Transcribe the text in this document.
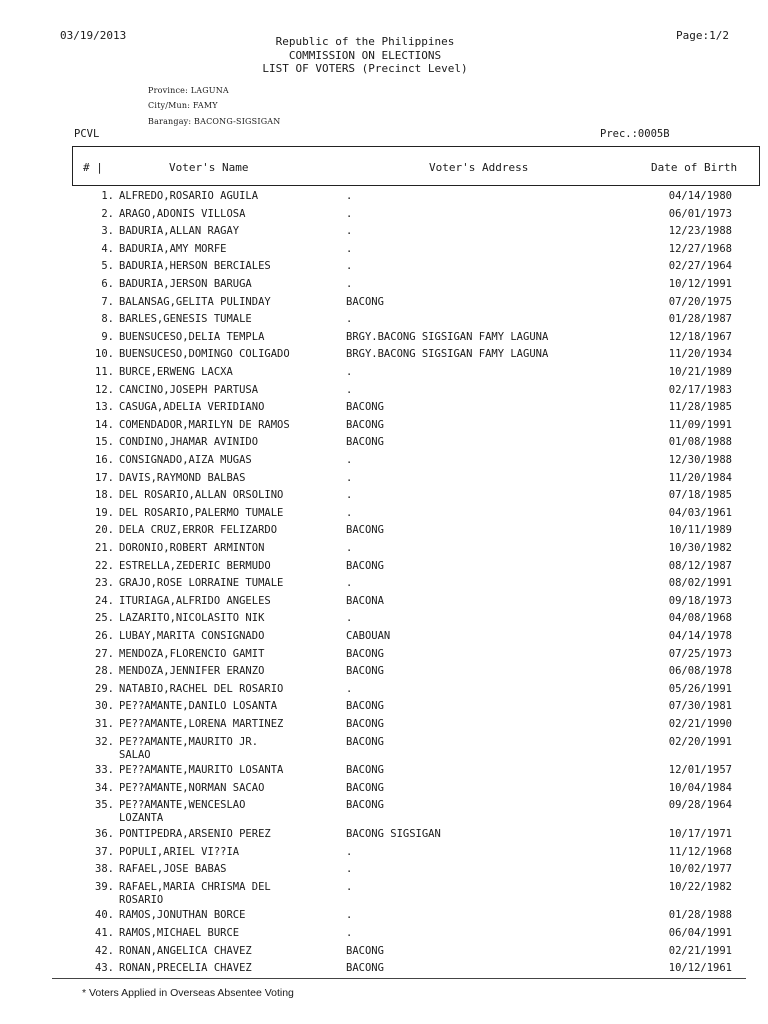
03/19/2013	Page:1/2
Republic of the Philippines
COMMISSION ON ELECTIONS
LIST OF VOTERS (Precinct Level)
Province: LAGUNA
City/Mun: FAMY
Barangay: BACONG-SIGSIGAN
PCVL	Prec.:0005B
# |	Voter's Name	Voter's Address	Date of Birth
1. ALFREDO,ROSARIO AGUILA	.	04/14/1980
2. ARAGO,ADONIS VILLOSA	.	06/01/1973
3. BADURIA,ALLAN RAGAY	.	12/23/1988
4. BADURIA,AMY MORFE	.	12/27/1968
5. BADURIA,HERSON BERCIALES	.	02/27/1964
6. BADURIA,JERSON BARUGA	.	10/12/1991
7. BALANSAG,GELITA PULINDAY	BACONG	07/20/1975
8. BARLES,GENESIS TUMALE	.	01/28/1987
9. BUENSUCESO,DELIA TEMPLA	BRGY.BACONG SIGSIGAN FAMY LAGUNA	12/18/1967
10. BUENSUCESO,DOMINGO COLIGADO	BRGY.BACONG SIGSIGAN FAMY LAGUNA	11/20/1934
11. BURCE,ERWENG LACXA	.	10/21/1989
12. CANCINO,JOSEPH PARTUSA	.	02/17/1983
13. CASUGA,ADELIA VERIDIANO	BACONG	11/28/1985
14. COMENDADOR,MARILYN DE RAMOS	BACONG	11/09/1991
15. CONDINO,JHAMAR AVINIDO	BACONG	01/08/1988
16. CONSIGNADO,AIZA MUGAS	.	12/30/1988
17. DAVIS,RAYMOND BALBAS	.	11/20/1984
18. DEL ROSARIO,ALLAN ORSOLINO	.	07/18/1985
19. DEL ROSARIO,PALERMO TUMALE	.	04/03/1961
20. DELA CRUZ,ERROR FELIZARDO	BACONG	10/11/1989
21. DORONIO,ROBERT ARMINTON	.	10/30/1982
22. ESTRELLA,ZEDERIC BERMUDO	BACONG	08/12/1987
23. GRAJO,ROSE LORRAINE TUMALE	.	08/02/1991
24. ITURIAGA,ALFRIDO ANGELES	BACONA	09/18/1973
25. LAZARITO,NICOLASITO NIK	.	04/08/1968
26. LUBAY,MARITA CONSIGNADO	CABOUAN	04/14/1978
27. MENDOZA,FLORENCIO GAMIT	BACONG	07/25/1973
28. MENDOZA,JENNIFER ERANZO	BACONG	06/08/1978
29. NATABIO,RACHEL DEL ROSARIO	.	05/26/1991
30. PE??AMANTE,DANILO LOSANTA	BACONG	07/30/1981
31. PE??AMANTE,LORENA MARTINEZ	BACONG	02/21/1990
32. PE??AMANTE,MAURITO JR.	BACONG	02/20/1991
SALAO
33. PE??AMANTE,MAURITO LOSANTA	BACONG	12/01/1957
34. PE??AMANTE,NORMAN SACAO	BACONG	10/04/1984
35. PE??AMANTE,WENCESLAO	BACONG	09/28/1964
LOZANTA
36. PONTIPEDRA,ARSENIO PEREZ	BACONG SIGSIGAN	10/17/1971
37. POPULI,ARIEL VI??IA	.	11/12/1968
38. RAFAEL,JOSE BABAS	.	10/02/1977
39. RAFAEL,MARIA CHRISMA DEL	.	10/22/1982
ROSARIO
40. RAMOS,JONUTHAN BORCE	.	01/28/1988
41. RAMOS,MICHAEL BURCE	.	06/04/1991
42. RONAN,ANGELICA CHAVEZ	BACONG	02/21/1991
43. RONAN,PRECELIA CHAVEZ	BACONG	10/12/1961
* Voters Applied in Overseas Absentee Voting
